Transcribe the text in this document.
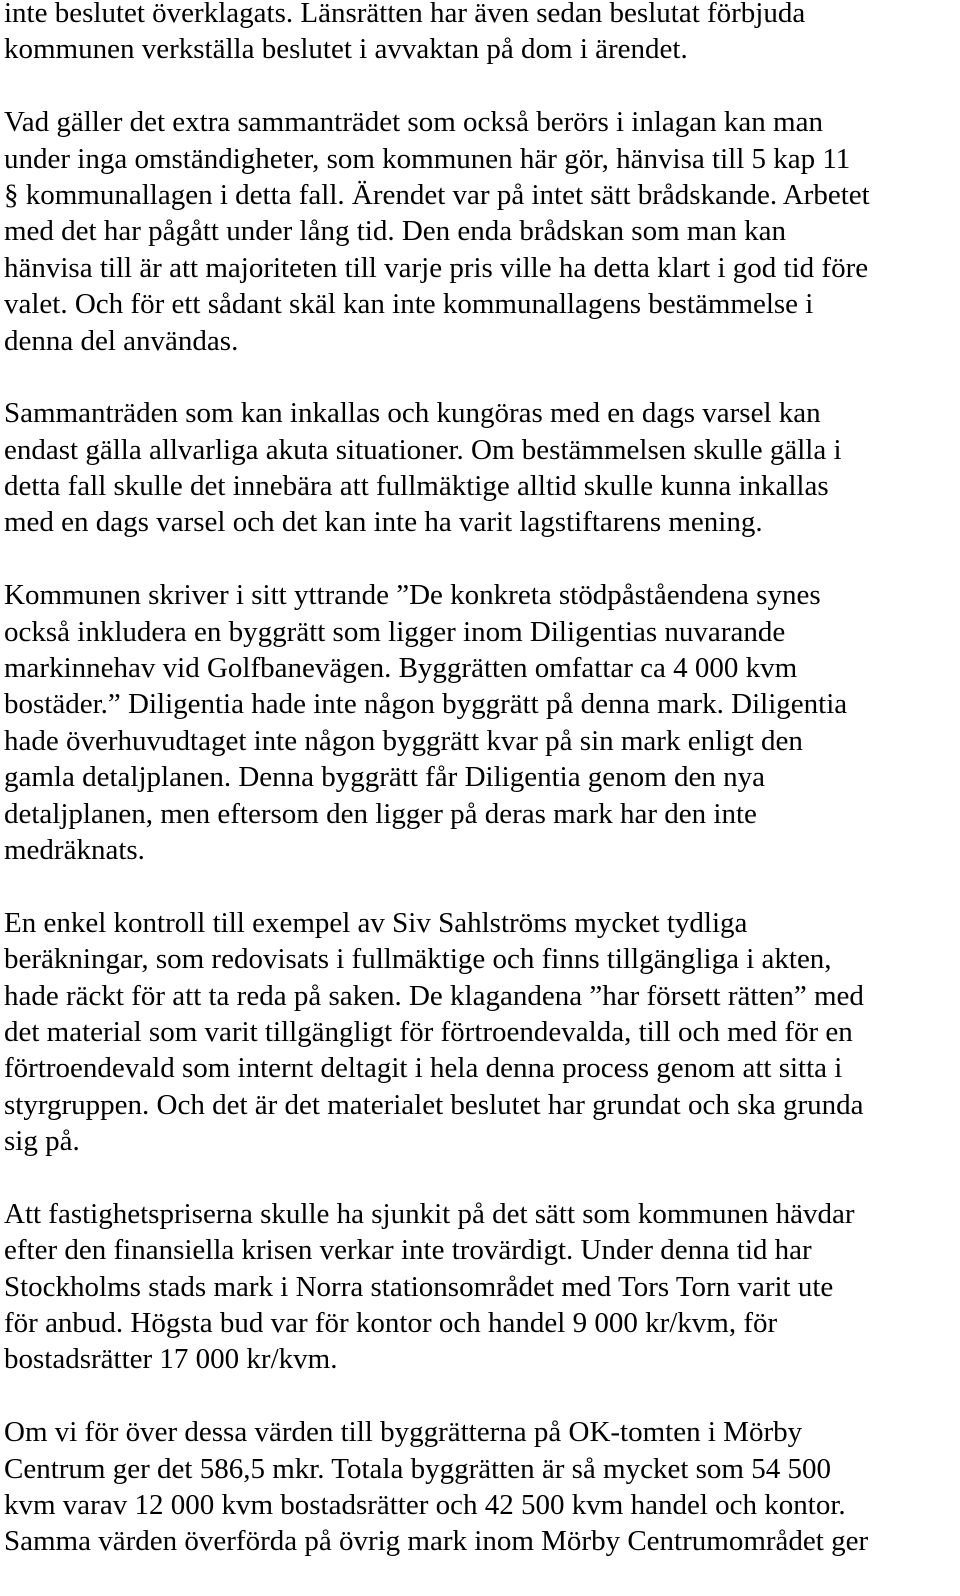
inte beslutet överklagats. Länsrätten har även sedan beslutat förbjuda
kommunen verkställa beslutet i avvaktan på dom i ärendet.
Vad gäller det extra sammanträdet som också berörs i inlagan kan man
under inga omständigheter, som kommunen här gör, hänvisa till 5 kap 11
§ kommunallagen i detta fall. Ärendet var på intet sätt brådskande. Arbetet
med det har pågått under lång tid. Den enda brådskan som man kan
hänvisa till är att majoriteten till varje pris ville ha detta klart i god tid före
valet. Och för ett sådant skäl kan inte kommunallagens bestämmelse i
denna del användas.
Sammanträden som kan inkallas och kungöras med en dags varsel kan
endast gälla allvarliga akuta situationer. Om bestämmelsen skulle gälla i
detta fall skulle det innebära att fullmäktige alltid skulle kunna inkallas
med en dags varsel och det kan inte ha varit lagstiftarens mening.
Kommunen skriver i sitt yttrande ”De konkreta stödpåståendena synes
också inkludera en byggrätt som ligger inom Diligentias nuvarande
markinnehav vid Golfbanevägen. Byggrätten omfattar ca 4 000 kvm
bostäder.” Diligentia hade inte någon byggrätt på denna mark. Diligentia
hade överhuvudtaget inte någon byggrätt kvar på sin mark enligt den
gamla detaljplanen. Denna byggrätt får Diligentia genom den nya
detaljplanen, men eftersom den ligger på deras mark har den inte
medräknats.
En enkel kontroll till exempel av Siv Sahlströms mycket tydliga
beräkningar, som redovisats i fullmäktige och finns tillgängliga i akten,
hade räckt för att ta reda på saken. De klagandena ”har försett rätten” med
det material som varit tillgängligt för förtroendevalda, till och med för en
förtroendevald som internt deltagit i hela denna process genom att sitta i
styrgruppen. Och det är det materialet beslutet har grundat och ska grunda
sig på.
Att fastighetspriserna skulle ha sjunkit på det sätt som kommunen hävdar
efter den finansiella krisen verkar inte trovärdigt. Under denna tid har
Stockholms stads mark i Norra stationsområdet med Tors Torn varit ute
för anbud. Högsta bud var för kontor och handel 9 000 kr/kvm, för
bostadsrätter 17 000 kr/kvm.
Om vi för över dessa värden till byggrätterna på OK-tomten i Mörby
Centrum ger det 586,5 mkr. Totala byggrätten är så mycket som 54 500
kvm varav 12 000 kvm bostadsrätter och 42 500 kvm handel och kontor.
Samma värden överförda på övrig mark inom Mörby Centrumområdet ger
